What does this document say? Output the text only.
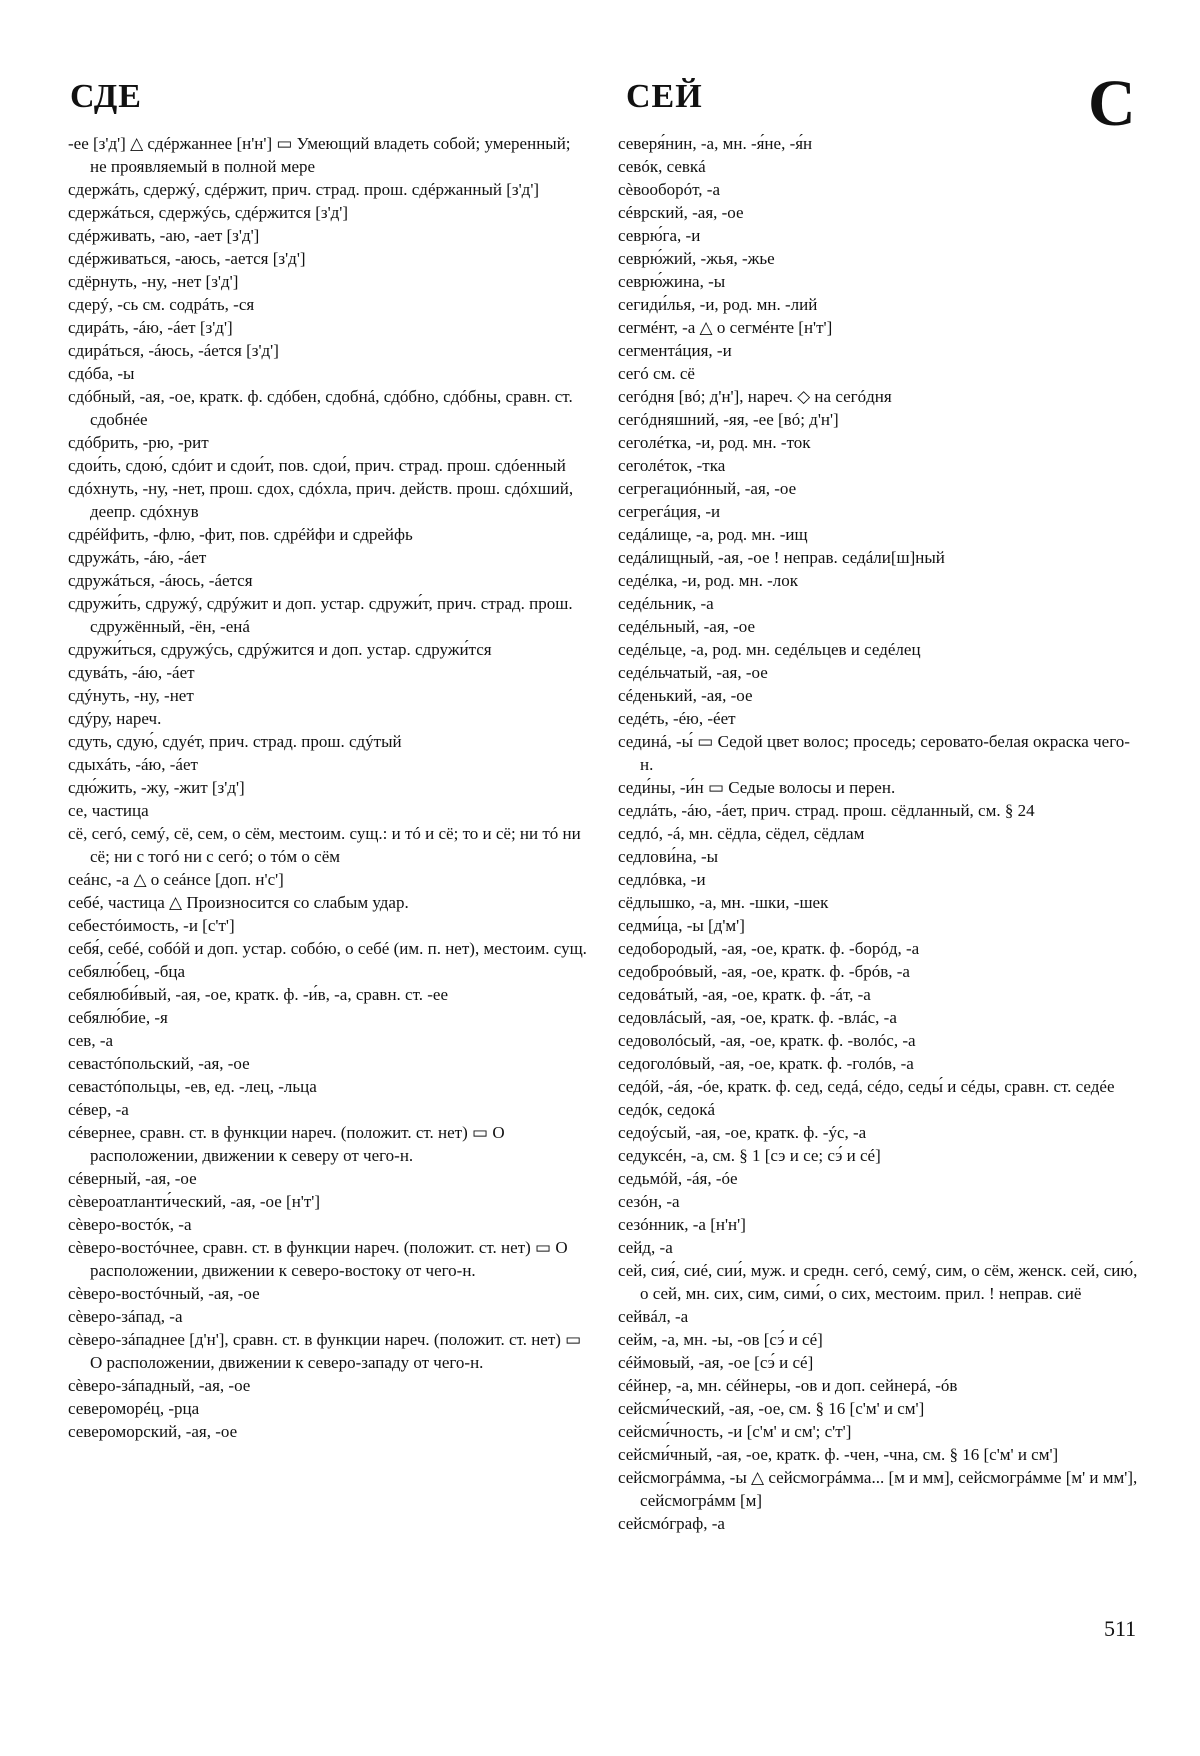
СДЕ	СЕЙ	С

-ее [з'д'] △ сдéржаннее [н'н'] ▭ Умеющий владеть собой; умеренный; не проявляемый в полной мере

сдержáть, сдержý, сдéржит, прич. страд. прош. сдéржанный [з'д']

сдержáться, сдержýсь, сдéржится [з'д']

сдéрживать, -аю, -ает [з'д']

сдéрживаться, -аюсь, -ается [з'д']

сдёрнуть, -ну, -нет [з'д']

сдерý, -сь см. содрáть, -ся

сдирáть, -áю, -áет [з'д']

сдирáться, -áюсь, -áется [з'д']

сдóба, -ы

сдóбный, -ая, -ое, кратк. ф. сдóбен, сдобнá, сдóбно, сдóбны, сравн. ст. сдобнéе

сдóбрить, -рю, -рит

сдои́ть, сдою́, сдóит и сдои́т, пов. сдои́, прич. страд. прош. сдóенный

сдóхнуть, -ну, -нет, прош. сдох, сдóхла, прич. действ. прош. сдóхший, деепр. сдóхнув

сдрéйфить, -флю, -фит, пов. сдрéйфи и сдрейфь

сдружáть, -áю, -áет

сдружáться, -áюсь, -áется

сдружи́ть, сдружý, сдрýжит и доп. устар. сдружи́т, прич. страд. прош. сдружённый, -ён, -енá

сдружи́ться, сдружýсь, сдрýжится и доп. устар. сдружи́тся

сдувáть, -áю, -áет

сдýнуть, -ну, -нет

сдýру, нареч.

сдуть, сдую́, сдуéт, прич. страд. прош. сдýтый

сдыхáть, -áю, -áет

сдю́жить, -жу, -жит [з'д']

се, частица

сё, сегó, семý, сё, сем, о сём, местоим. сущ.: и тó и сё; то и сё; ни тó ни сё; ни с тогó ни с сегó; о тóм о сём

сеáнс, -а △ о сеáнсе [доп. н'с']

себé, частица △ Произносится со слабым удар.

себестóимость, -и [с'т']

себя́, себé, собóй и доп. устар. собóю, о себé (им. п. нет), местоим. сущ.

себялю́бец, -бца

себялюби́вый, -ая, -ое, кратк. ф. -и́в, -а, сравн. ст. -ее

себялю́бие, -я

сев, -а

севастóпольский, -ая, -ое

севастóпольцы, -ев, ед. -лец, -льца

сéвер, -а

сéвернее, сравн. ст. в функции нареч. (положит. ст. нет) ▭ О расположении, движении к северу от чего-н.

сéверный, -ая, -ое

сѐвероатланти́ческий, -ая, -ое [н'т']

сѐверо-востóк, -а

сѐверо-востóчнее, сравн. ст. в функции нареч. (положит. ст. нет) ▭ О расположении, движении к северо-востоку от чего-н.

сѐверо-востóчный, -ая, -ое

сѐверо-зáпад, -а

сѐверо-зáпаднее [д'н'], сравн. ст. в функции нареч. (положит. ст. нет) ▭ О расположении, движении к северо-западу от чего-н.

сѐверо-зáпадный, -ая, -ое

североморéц, -рца

североморский, -ая, -ое

северя́нин, -а, мн. -я́не, -я́н

севóк, севкá

сѐвооборóт, -а

сéврский, -ая, -ое

севрю́га, -и

севрю́жий, -жья, -жье

севрю́жина, -ы

сегиди́лья, -и, род. мн. -лий

сегмéнт, -а △ о сегмéнте [н'т']

сегментáция, -и

сегó см. сё

сегóдня [вó; д'н'], нареч. ◇ на сегóдня

сегóдняшний, -яя, -ее [вó; д'н']

сеголéтка, -и, род. мн. -ток

сеголéток, -тка

сегрегациóнный, -ая, -ое

сегрегáция, -и

седáлище, -а, род. мн. -ищ

седáлищный, -ая, -ое ! неправ. седáли[ш]ный

седéлка, -и, род. мн. -лок

седéльник, -а

седéльный, -ая, -ое

седéльце, -а, род. мн. седéльцев и седéлец

седéльчатый, -ая, -ое

сéденький, -ая, -ое

седéть, -éю, -éет

сединá, -ы́ ▭ Седой цвет волос; проседь; серовато-белая окраска чего-н.

седи́ны, -и́н ▭ Седые волосы и перен.

седлáть, -áю, -áет, прич. страд. прош. сёдланный, см. § 24

седлó, -á, мн. сёдла, сёдел, сёдлам

седлови́на, -ы

седлóвка, -и

сёдлышко, -а, мн. -шки, -шек

седми́ца, -ы [д'м']

седобородый, -ая, -ое, кратк. ф. -борóд, -а

седоброóвый, -ая, -ое, кратк. ф. -брóв, -а

седовáтый, -ая, -ое, кратк. ф. -áт, -а

седовлáсый, -ая, -ое, кратк. ф. -влáс, -а

седоволóсый, -ая, -ое, кратк. ф. -волóс, -а

седоголóвый, -ая, -ое, кратк. ф. -голóв, -а

седóй, -áя, -óе, кратк. ф. сед, седá, сéдо, седы́ и сéды, сравн. ст. седéе

седóк, седокá

седоýсый, -ая, -ое, кратк. ф. -ýс, -а

седуксéн, -а, см. § 1 [сэ и се; сэ́ и сé]

седьмóй, -áя, -óе

сезóн, -а

сезóнник, -а [н'н']

сейд, -а

сей, сия́, сиé, сии́, муж. и средн. сегó, семý, сим, о сём, женск. сей, сию́, о сей, мн. сих, сим, сими́, о сих, местоим. прил. ! неправ. сиё

сейвáл, -а

сейм, -а, мн. -ы, -ов [сэ́ и сé]

сéймовый, -ая, -ое [сэ́ и сé]

сéйнер, -а, мн. сéйнеры, -ов и доп. сейнерá, -óв

сейсми́ческий, -ая, -ое, см. § 16 [с'м' и см']

сейсми́чность, -и [с'м' и см'; с'т']

сейсми́чный, -ая, -ое, кратк. ф. -чен, -чна, см. § 16 [с'м' и см']

сейсмогрáмма, -ы △ сейсмогрáмма... [м и мм], сейсмогрáмме [м' и мм'], сейсмогрáмм [м]

сейсмóграф, -а

511
